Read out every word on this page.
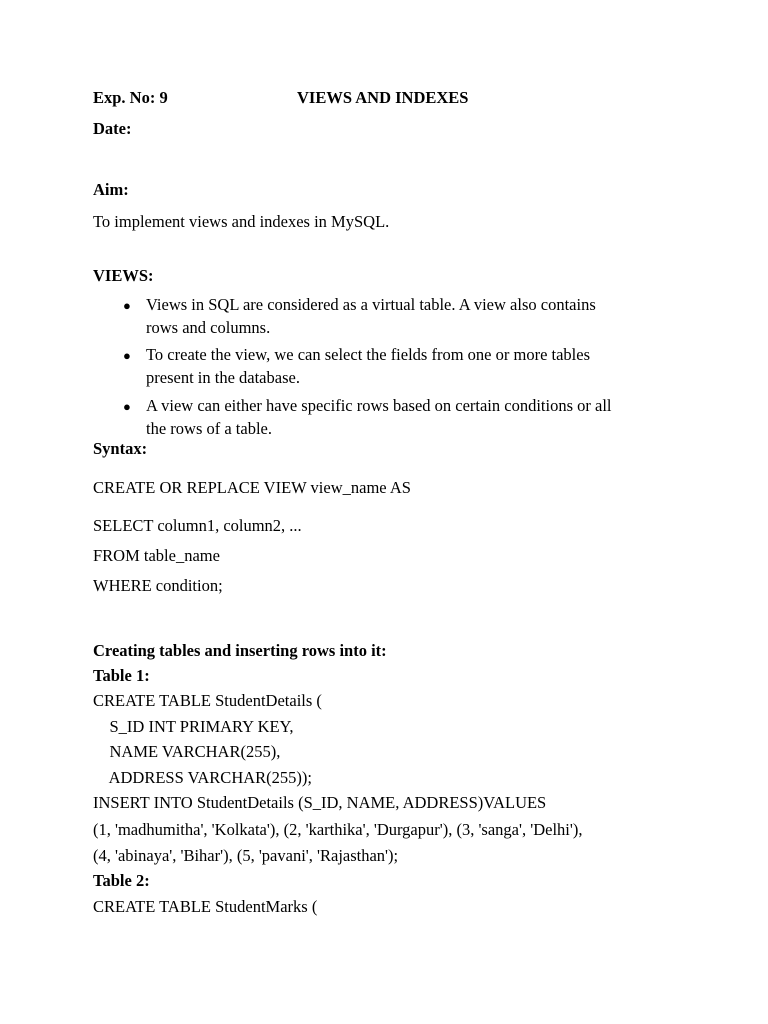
Exp. No: 9	VIEWS AND INDEXES
Date:
Aim:
To implement views and indexes in MySQL.
VIEWS:
● Views in SQL are considered as a virtual table. A view also contains
rows and columns.
● To create the view, we can select the fields from one or more tables
present in the database.
● A view can either have specific rows based on certain conditions or all
the rows of a table.
Syntax:
CREATE OR REPLACE VIEW view_name AS
SELECT column1, column2, ...
FROM table_name
WHERE condition;
Creating tables and inserting rows into it:
Table 1:
CREATE TABLE StudentDetails (
S_ID INT PRIMARY KEY,
NAME VARCHAR(255),
ADDRESS VARCHAR(255));
INSERT INTO StudentDetails (S_ID, NAME, ADDRESS)VALUES
(1, 'madhumitha', 'Kolkata'), (2, 'karthika', 'Durgapur'), (3, 'sanga', 'Delhi'),
(4, 'abinaya', 'Bihar'), (5, 'pavani', 'Rajasthan');
Table 2:
CREATE TABLE StudentMarks (
